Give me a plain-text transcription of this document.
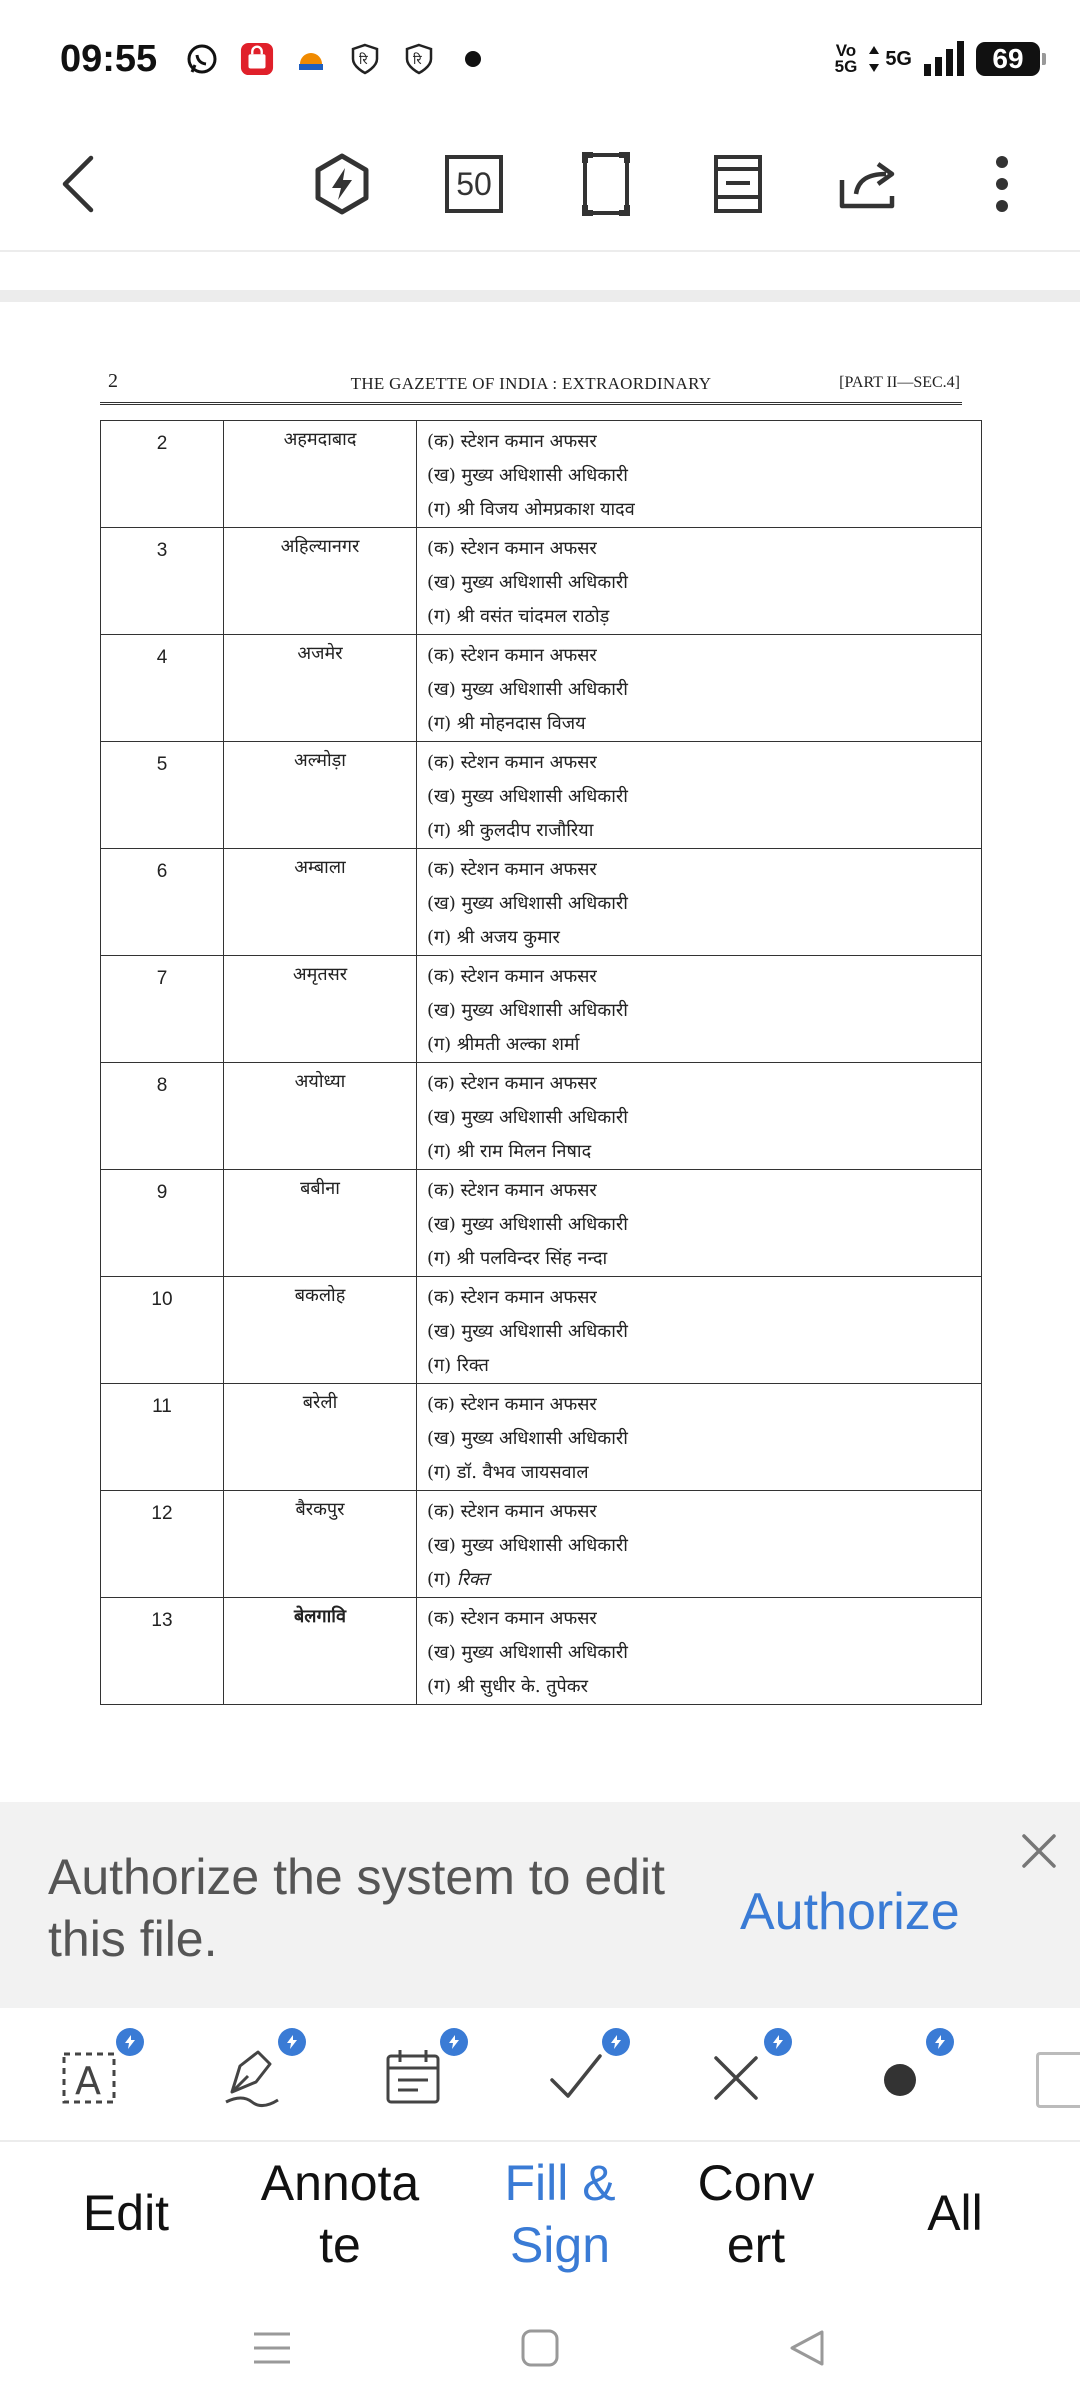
09:55	रि	रि
Vo
5G 5G	69
50
2	THE GAZETTE OF INDIA : EXTRAORDINARY	[PART II—SEC.4]
2	अहमदाबाद	(क) स्टेशन कमान अफसर
(ख) मुख्य अधिशासी अधिकारी
(ग) श्री विजय ओमप्रकाश यादव

3	अहिल्यानगर	(क) स्टेशन कमान अफसर
(ख) मुख्य अधिशासी अधिकारी
(ग) श्री वसंत चांदमल राठोड़

4	अजमेर	(क) स्टेशन कमान अफसर
(ख) मुख्य अधिशासी अधिकारी
(ग) श्री मोहनदास विजय

5	अल्मोड़ा	(क) स्टेशन कमान अफसर
(ख) मुख्य अधिशासी अधिकारी
(ग) श्री कुलदीप राजौरिया

6	अम्बाला	(क) स्टेशन कमान अफसर
(ख) मुख्य अधिशासी अधिकारी
(ग) श्री अजय कुमार

7	अमृतसर	(क) स्टेशन कमान अफसर
(ख) मुख्य अधिशासी अधिकारी
(ग) श्रीमती अल्का शर्मा

8	अयोध्या	(क) स्टेशन कमान अफसर
(ख) मुख्य अधिशासी अधिकारी
(ग) श्री राम मिलन निषाद

9	बबीना	(क) स्टेशन कमान अफसर
(ख) मुख्य अधिशासी अधिकारी
(ग) श्री पलविन्दर सिंह नन्दा

10	बकलोह	(क) स्टेशन कमान अफसर
(ख) मुख्य अधिशासी अधिकारी
(ग) रिक्त

11	बरेली	(क) स्टेशन कमान अफसर
(ख) मुख्य अधिशासी अधिकारी
(ग) डॉ. वैभव जायसवाल

12	बैरकपुर	(क) स्टेशन कमान अफसर
(ख) मुख्य अधिशासी अधिकारी
(ग) रिक्त

13	बेलगावि	(क) स्टेशन कमान अफसर
(ख) मुख्य अधिशासी अधिकारी
(ग) श्री सुधीर के. तुपेकर
Authorize the system to edit this file.	Authorize
A
Edit
Annota
te
Fill &
Sign
Conv
ert
All
